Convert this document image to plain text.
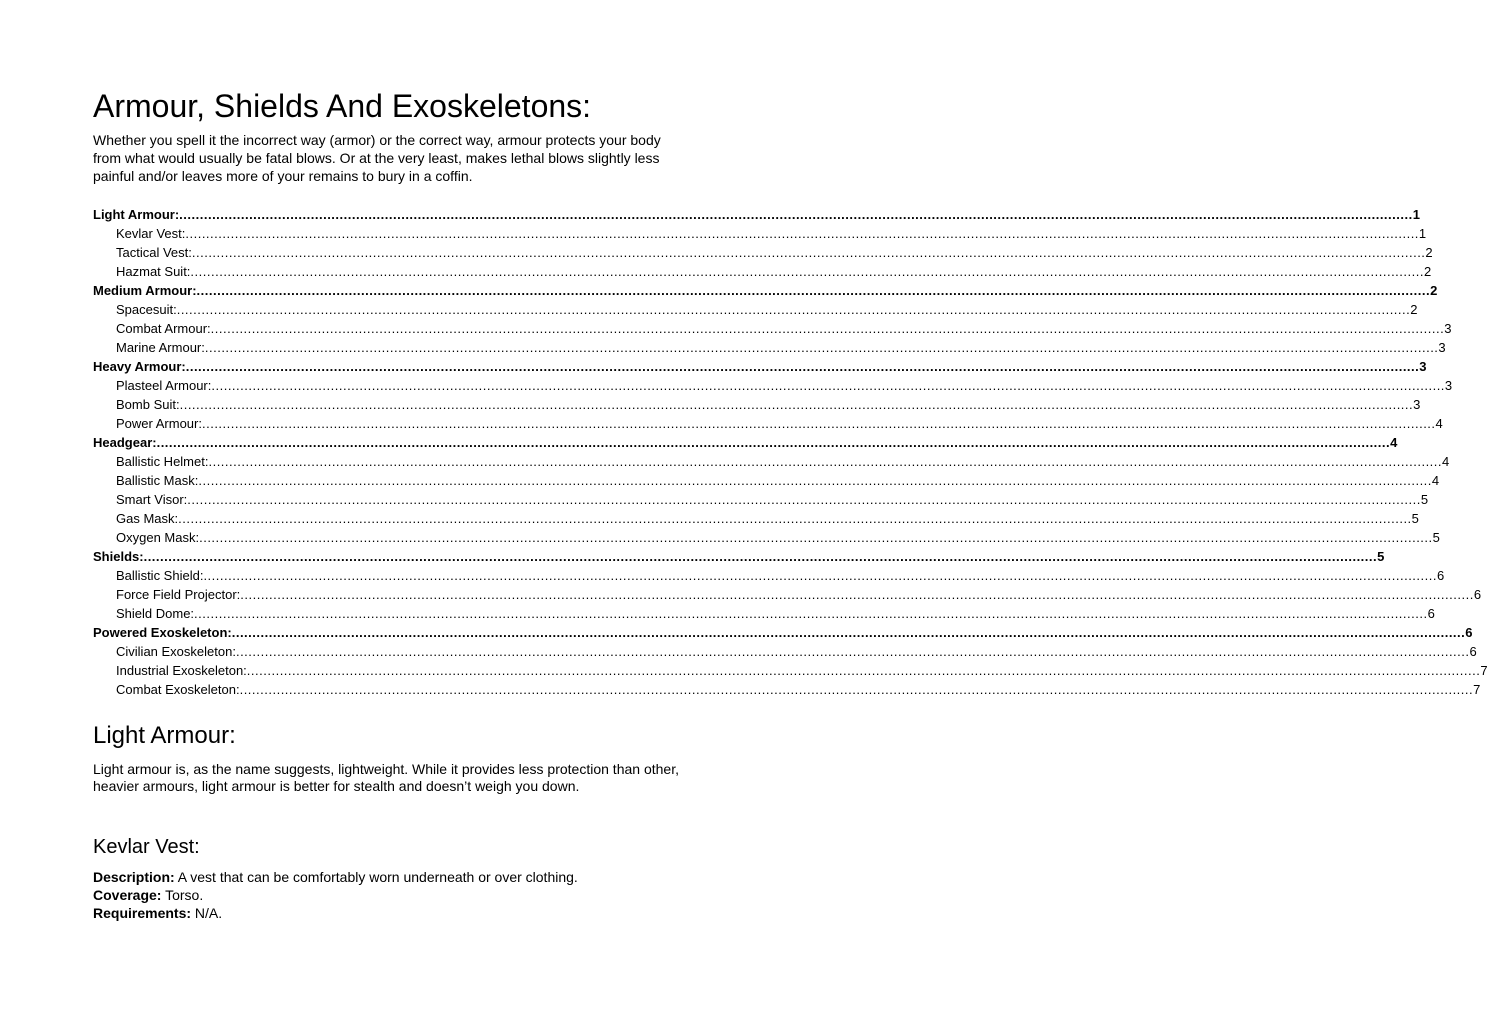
Armour, Shields And Exoskeletons:

Whether you spell it the incorrect way (armor) or the correct way, armour protects your body from what would usually be fatal blows. Or at the very least, makes lethal blows slightly less painful and/or leaves more of your remains to bury in a coffin.

Light Armour: ............................................................................................................................................................................................................................................................................................................ 1
Kevlar Vest: ............................................................................................................................................................................................................................................................................................................ 1
Tactical Vest: ............................................................................................................................................................................................................................................................................................................ 2
Hazmat Suit: ............................................................................................................................................................................................................................................................................................................ 2
Medium Armour: ............................................................................................................................................................................................................................................................................................................ 2
Spacesuit: ............................................................................................................................................................................................................................................................................................................ 2
Combat Armour: ............................................................................................................................................................................................................................................................................................................ 3
Marine Armour: ............................................................................................................................................................................................................................................................................................................ 3
Heavy Armour: ............................................................................................................................................................................................................................................................................................................ 3
Plasteel Armour: ............................................................................................................................................................................................................................................................................................................ 3
Bomb Suit: ............................................................................................................................................................................................................................................................................................................ 3
Power Armour: ............................................................................................................................................................................................................................................................................................................ 4
Headgear: ............................................................................................................................................................................................................................................................................................................ 4
Ballistic Helmet: ............................................................................................................................................................................................................................................................................................................ 4
Ballistic Mask: ............................................................................................................................................................................................................................................................................................................ 4
Smart Visor: ............................................................................................................................................................................................................................................................................................................ 5
Gas Mask: ............................................................................................................................................................................................................................................................................................................ 5
Oxygen Mask: ............................................................................................................................................................................................................................................................................................................ 5
Shields: ............................................................................................................................................................................................................................................................................................................ 5
Ballistic Shield: ............................................................................................................................................................................................................................................................................................................ 6
Force Field Projector: ............................................................................................................................................................................................................................................................................................................ 6
Shield Dome: ............................................................................................................................................................................................................................................................................................................ 6
Powered Exoskeleton: ............................................................................................................................................................................................................................................................................................................ 6
Civilian Exoskeleton: ............................................................................................................................................................................................................................................................................................................ 6
Industrial Exoskeleton: ............................................................................................................................................................................................................................................................................................................ 7
Combat Exoskeleton: ............................................................................................................................................................................................................................................................................................................ 7
Light Armour:

Light armour is, as the name suggests, lightweight. While it provides less protection than other, heavier armours, light armour is better for stealth and doesn’t weigh you down.

Kevlar Vest:
Description: A vest that can be comfortably worn underneath or over clothing.
Coverage: Torso.
Requirements: N/A.
